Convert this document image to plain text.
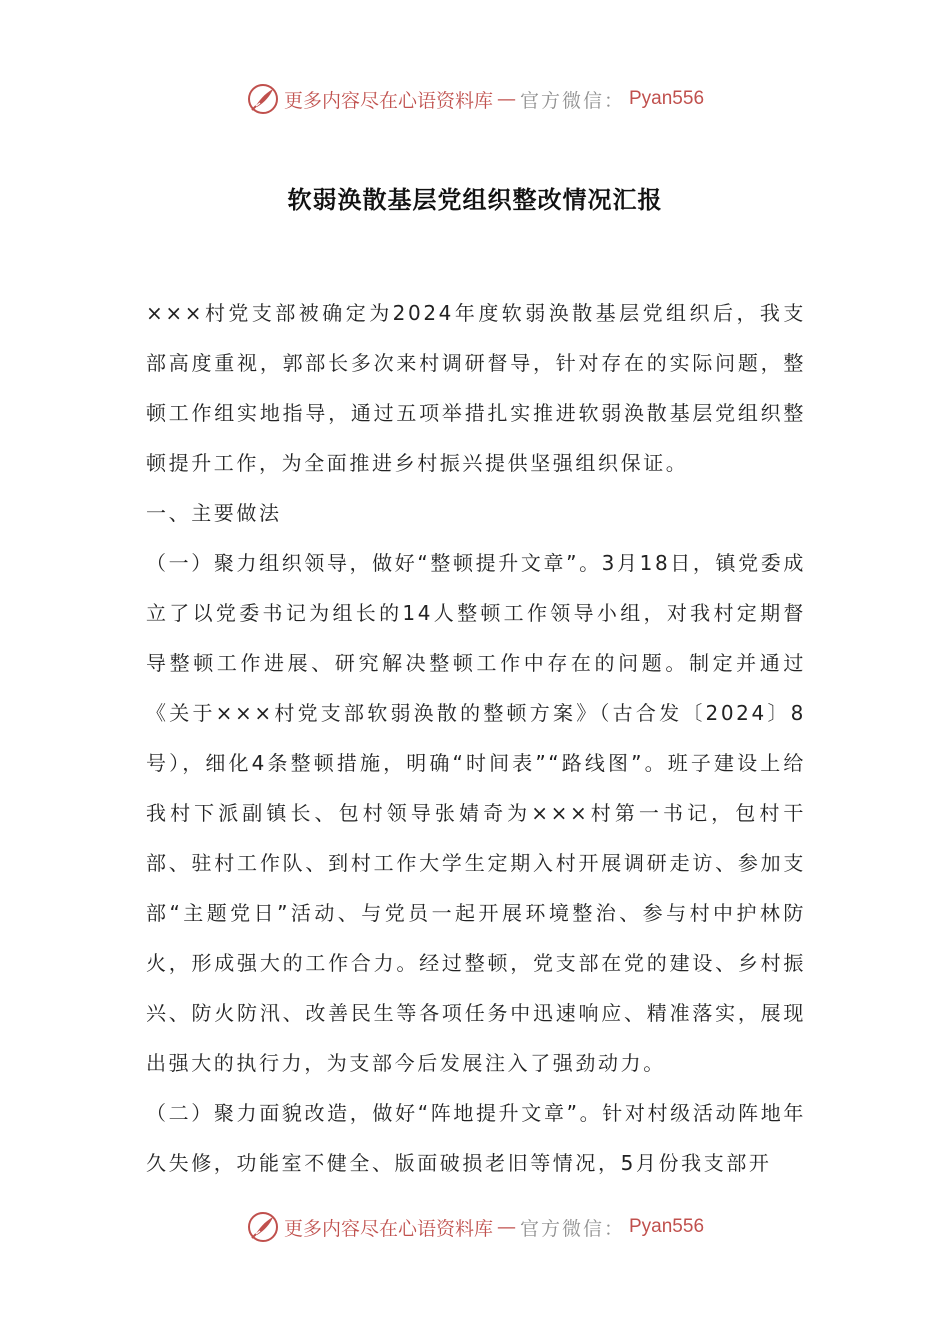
更多内容尽在心语资料库 — 官方微信： Pyan556
软弱涣散基层党组织整改情况汇报

×××村党支部被确定为2024年度软弱涣散基层党组织后，我支部高度重视，郭部长多次来村调研督导，针对存在的实际问题，整顿工作组实地指导，通过五项举措扎实推进软弱涣散基层党组织整顿提升工作，为全面推进乡村振兴提供坚强组织保证。

一、主要做法

（一）聚力组织领导，做好“整顿提升文章”。3月18日，镇党委成立了以党委书记为组长的14人整顿工作领导小组，对我村定期督导整顿工作进展、研究解决整顿工作中存在的问题。制定并通过《关于×××村党支部软弱涣散的整顿方案》（古合发〔2024〕8号），细化4条整顿措施，明确“时间表”“路线图”。班子建设上给我村下派副镇长、包村领导张婧奇为×××村第一书记，包村干部、驻村工作队、到村工作大学生定期入村开展调研走访、参加支部“主题党日”活动、与党员一起开展环境整治、参与村中护林防火，形成强大的工作合力。经过整顿，党支部在党的建设、乡村振兴、防火防汛、改善民生等各项任务中迅速响应、精准落实，展现出强大的执行力，为支部今后发展注入了强劲动力。

（二）聚力面貌改造，做好“阵地提升文章”。针对村级活动阵地年久失修，功能室不健全、版面破损老旧等情况，5月份我支部开

更多内容尽在心语资料库 — 官方微信： Pyan556
